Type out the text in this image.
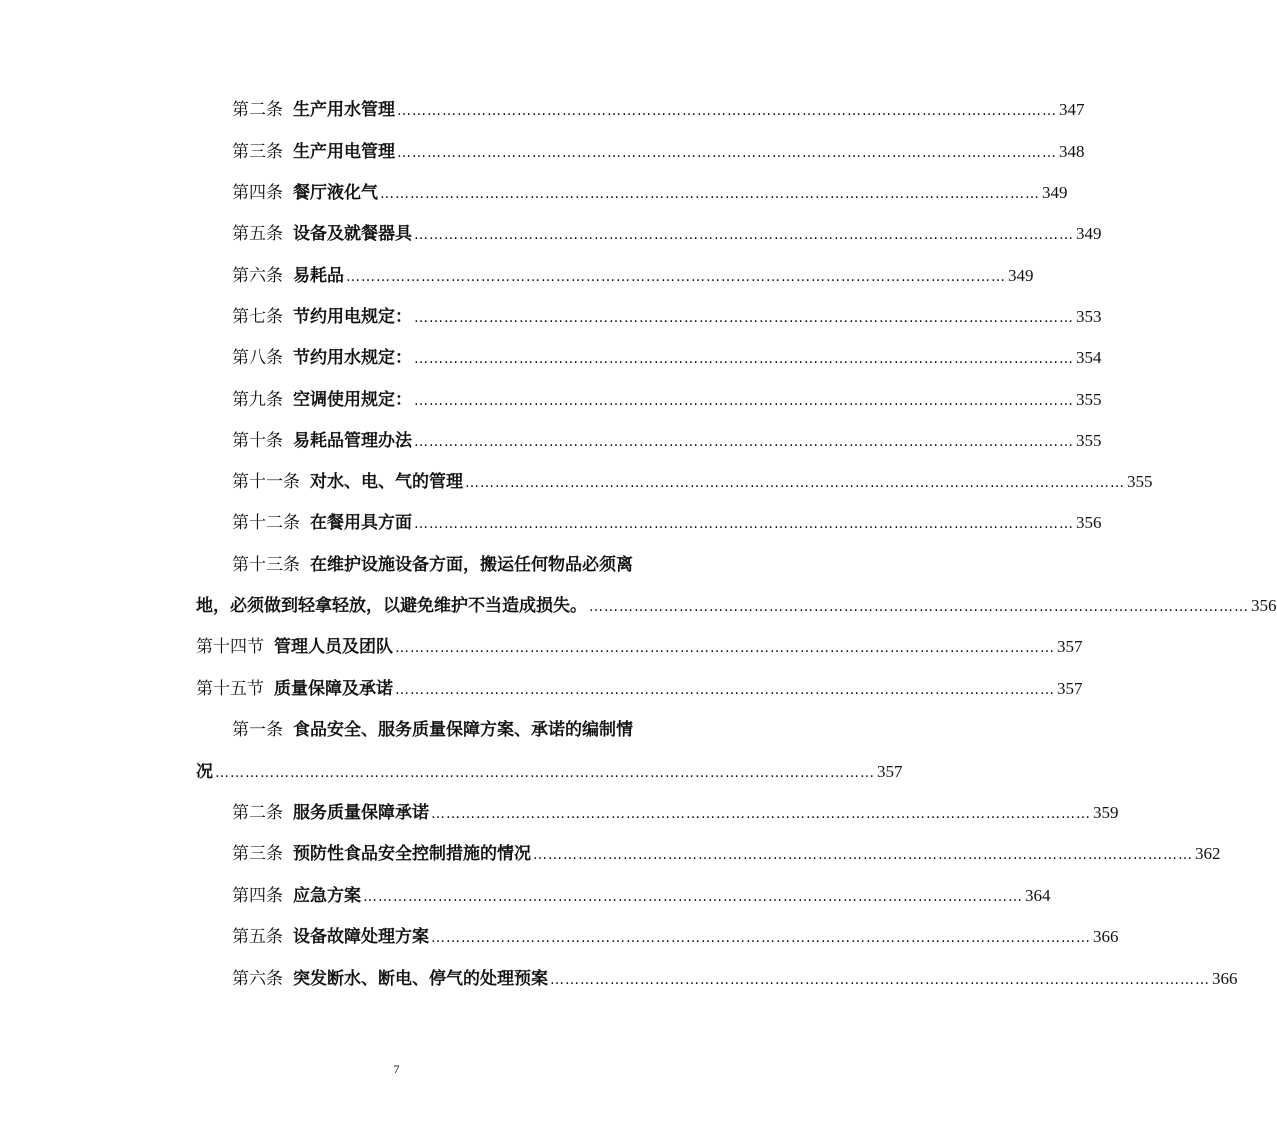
第二条 生产用水管理 …………………………………………………………………………………………………………………… 347
第三条 生产用电管理 …………………………………………………………………………………………………………………… 348
第四条 餐厅液化气 …………………………………………………………………………………………………………………… 349
第五条 设备及就餐器具 …………………………………………………………………………………………………………………… 349
第六条 易耗品 …………………………………………………………………………………………………………………… 349
第七条 节约用电规定： …………………………………………………………………………………………………………………… 353
第八条 节约用水规定： …………………………………………………………………………………………………………………… 354
第九条 空调使用规定： …………………………………………………………………………………………………………………… 355
第十条 易耗品管理办法 …………………………………………………………………………………………………………………… 355
第十一条 对水、电、气的管理 …………………………………………………………………………………………………………………… 355
第十二条 在餐用具方面 …………………………………………………………………………………………………………………… 356
第十三条 在维护设施设备方面，搬运任何物品必须离
地，必须做到轻拿轻放，以避免维护不当造成损失。 …………………………………………………………………………………………………………………… 356
第十四节 管理人员及团队 …………………………………………………………………………………………………………………… 357
第十五节 质量保障及承诺 …………………………………………………………………………………………………………………… 357
第一条 食品安全、服务质量保障方案、承诺的编制情
况 …………………………………………………………………………………………………………………… 357
第二条 服务质量保障承诺 …………………………………………………………………………………………………………………… 359
第三条 预防性食品安全控制措施的情况 …………………………………………………………………………………………………………………… 362
第四条 应急方案 …………………………………………………………………………………………………………………… 364
第五条 设备故障处理方案 …………………………………………………………………………………………………………………… 366
第六条 突发断水、断电、停气的处理预案 …………………………………………………………………………………………………………………… 366
7
